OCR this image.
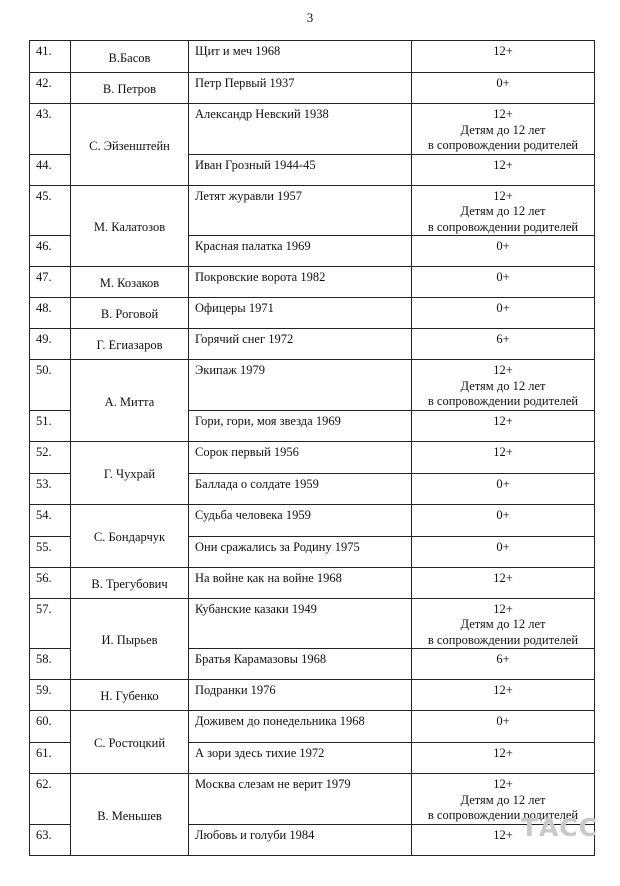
3
41.	В.Басов	Щит и меч 1968	12+

42.	В. Петров	Петр Первый 1937	0+

43.	С. Эйзенштейн	Александр Невский 1938	12+
Детям до 12 лет
в сопровождении родителей

44.		Иван Грозный 1944-45	12+

45.	М. Калатозов	Летят журавли 1957	12+
Детям до 12 лет
в сопровождении родителей

46.		Красная палатка 1969	0+

47.	М. Козаков	Покровские ворота 1982	0+

48.	В. Роговой	Офицеры 1971	0+

49.	Г. Егиазаров	Горячий снег 1972	6+

50.	А. Митта	Экипаж 1979	12+
Детям до 12 лет
в сопровождении родителей

51.		Гори, гори, моя звезда 1969	12+

52.	Г. Чухрай	Сорок первый 1956	12+

53.		Баллада о солдате 1959	0+

54.	С. Бондарчук	Судьба человека 1959	0+

55.		Они сражались за Родину 1975	0+

56.	В. Трегубович	На войне как на войне 1968	12+

57.	И. Пырьев	Кубанские казаки 1949	12+
Детям до 12 лет
в сопровождении родителей

58.		Братья Карамазовы 1968	6+

59.	Н. Губенко	Подранки 1976	12+

60.	С. Ростоцкий	Доживем до понедельника 1968	0+

61.		А зори здесь тихие 1972	12+

62.	В. Меньшев	Москва слезам не верит 1979	12+
Детям до 12 лет
в сопровождении родителей

63.		Любовь и голуби 1984	12+ ТАСС
